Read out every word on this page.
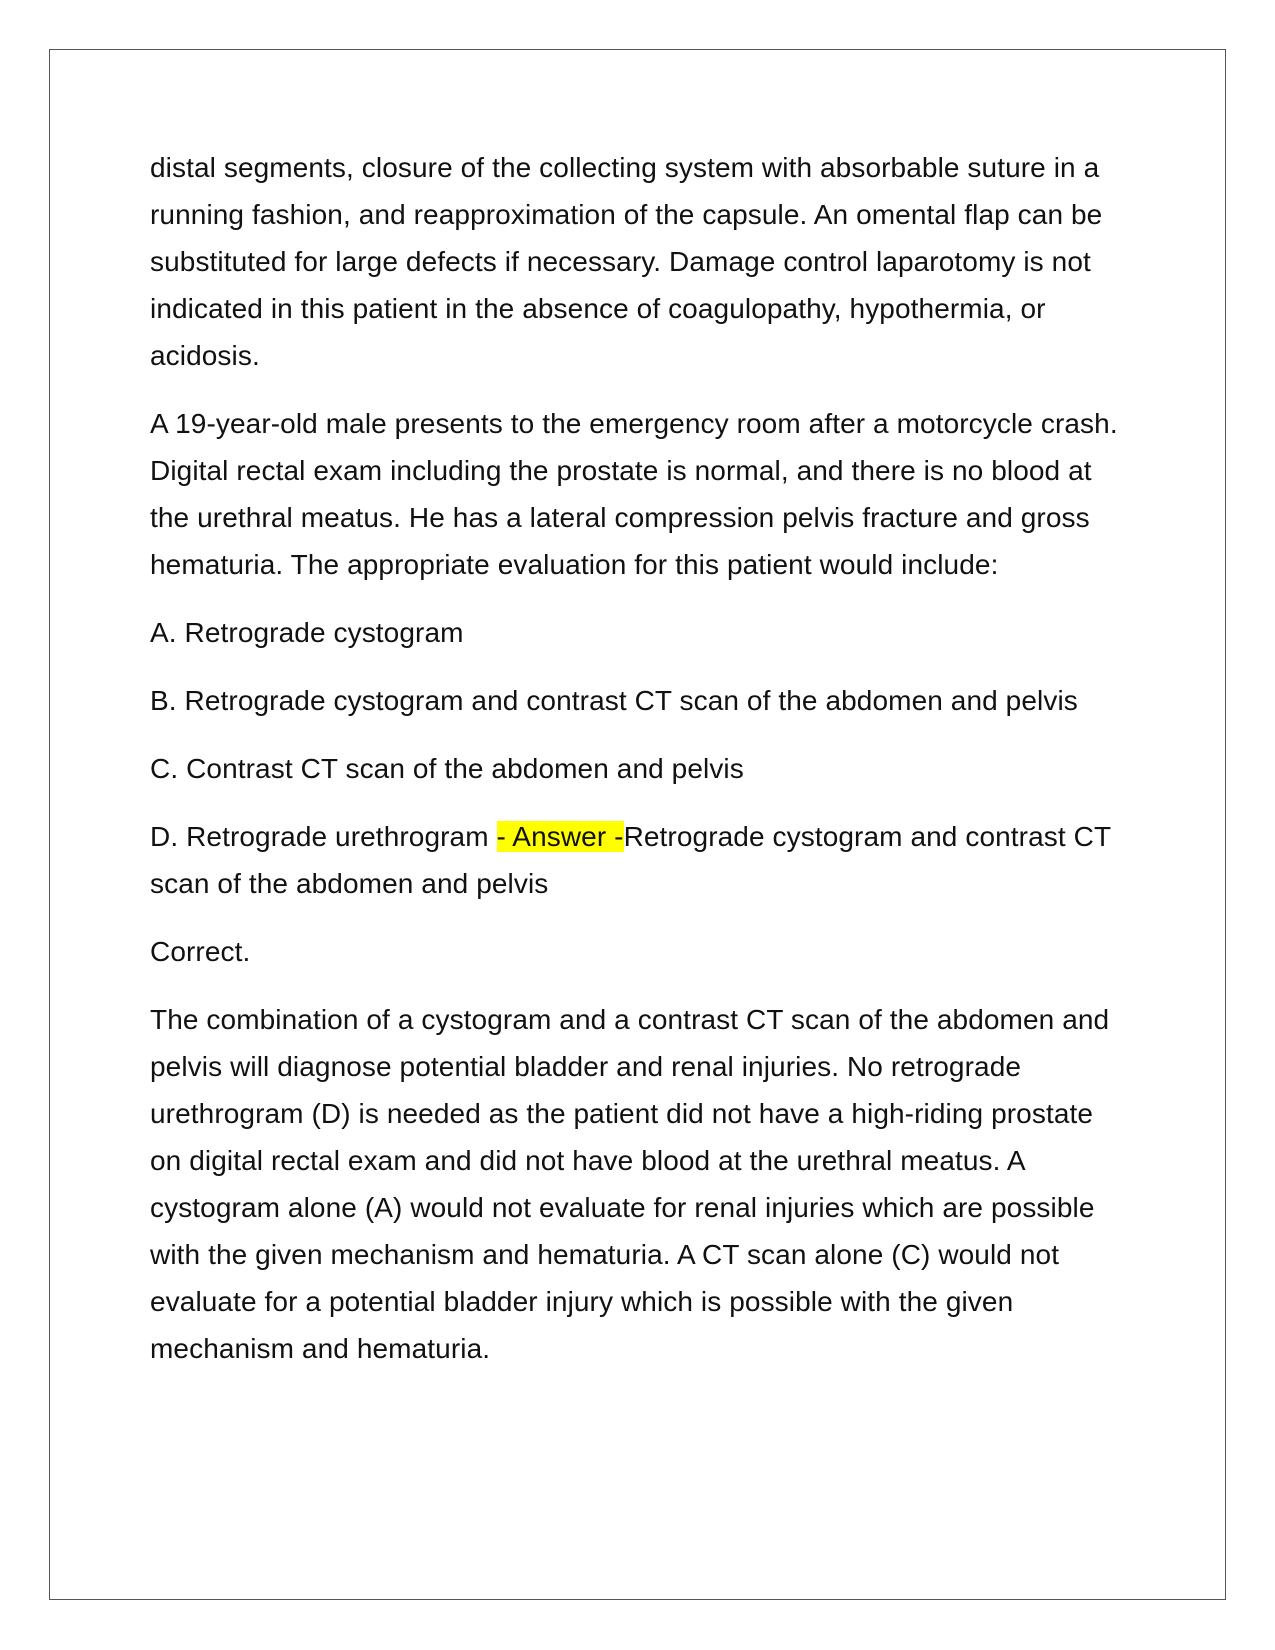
distal segments, closure of the collecting system with absorbable suture in a running fashion, and reapproximation of the capsule. An omental flap can be substituted for large defects if necessary. Damage control laparotomy is not indicated in this patient in the absence of coagulopathy, hypothermia, or acidosis.

A 19-year-old male presents to the emergency room after a motorcycle crash. Digital rectal exam including the prostate is normal, and there is no blood at the urethral meatus. He has a lateral compression pelvis fracture and gross hematuria. The appropriate evaluation for this patient would include:

A. Retrograde cystogram

B. Retrograde cystogram and contrast CT scan of the abdomen and pelvis

C. Contrast CT scan of the abdomen and pelvis

D. Retrograde urethrogram - Answer -Retrograde cystogram and contrast CT scan of the abdomen and pelvis

Correct.

The combination of a cystogram and a contrast CT scan of the abdomen and pelvis will diagnose potential bladder and renal injuries. No retrograde urethrogram (D) is needed as the patient did not have a high-riding prostate on digital rectal exam and did not have blood at the urethral meatus. A cystogram alone (A) would not evaluate for renal injuries which are possible with the given mechanism and hematuria. A CT scan alone (C) would not evaluate for a potential bladder injury which is possible with the given mechanism and hematuria.
